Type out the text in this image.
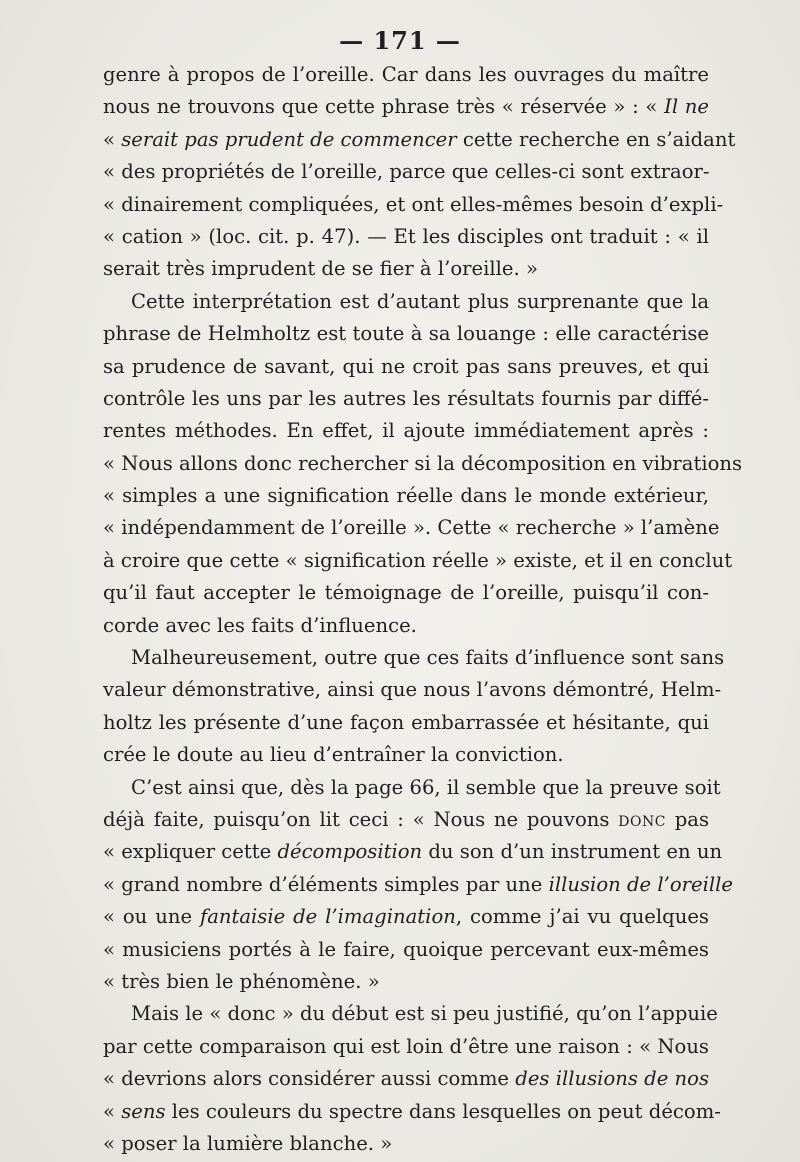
— 171 —
genre à propos de l’oreille. Car dans les ouvrages du maître
nous ne trouvons que cette phrase très « réservée » : « Il ne
« serait pas prudent de commencer cette recherche en s’aidant
« des propriétés de l’oreille, parce que celles-ci sont extraor-
« dinairement compliquées, et ont elles-mêmes besoin d’expli-
« cation » (loc. cit. p. 47). — Et les disciples ont traduit : « il
serait très imprudent de se fier à l’oreille. »
Cette interprétation est d’autant plus surprenante que la
phrase de Helmholtz est toute à sa louange : elle caractérise
sa prudence de savant, qui ne croit pas sans preuves, et qui
contrôle les uns par les autres les résultats fournis par diffé-
rentes méthodes. En effet, il ajoute immédiatement après :
« Nous allons donc rechercher si la décomposition en vibrations
« simples a une signification réelle dans le monde extérieur,
« indépendamment de l’oreille ». Cette « recherche » l’amène
à croire que cette « signification réelle » existe, et il en conclut
qu’il faut accepter le témoignage de l’oreille, puisqu’il con-
corde avec les faits d’influence.
Malheureusement, outre que ces faits d’influence sont sans
valeur démonstrative, ainsi que nous l’avons démontré, Helm-
holtz les présente d’une façon embarrassée et hésitante, qui
crée le doute au lieu d’entraîner la conviction.
C’est ainsi que, dès la page 66, il semble que la preuve soit
déjà faite, puisqu’on lit ceci : « Nous ne pouvons donc pas
« expliquer cette décomposition du son d’un instrument en un
« grand nombre d’éléments simples par une illusion de l’oreille
« ou une fantaisie de l’imagination, comme j’ai vu quelques
« musiciens portés à le faire, quoique percevant eux-mêmes
« très bien le phénomène. »
Mais le « donc » du début est si peu justifié, qu’on l’appuie
par cette comparaison qui est loin d’être une raison : « Nous
« devrions alors considérer aussi comme des illusions de nos
« sens les couleurs du spectre dans lesquelles on peut décom-
« poser la lumière blanche. »
